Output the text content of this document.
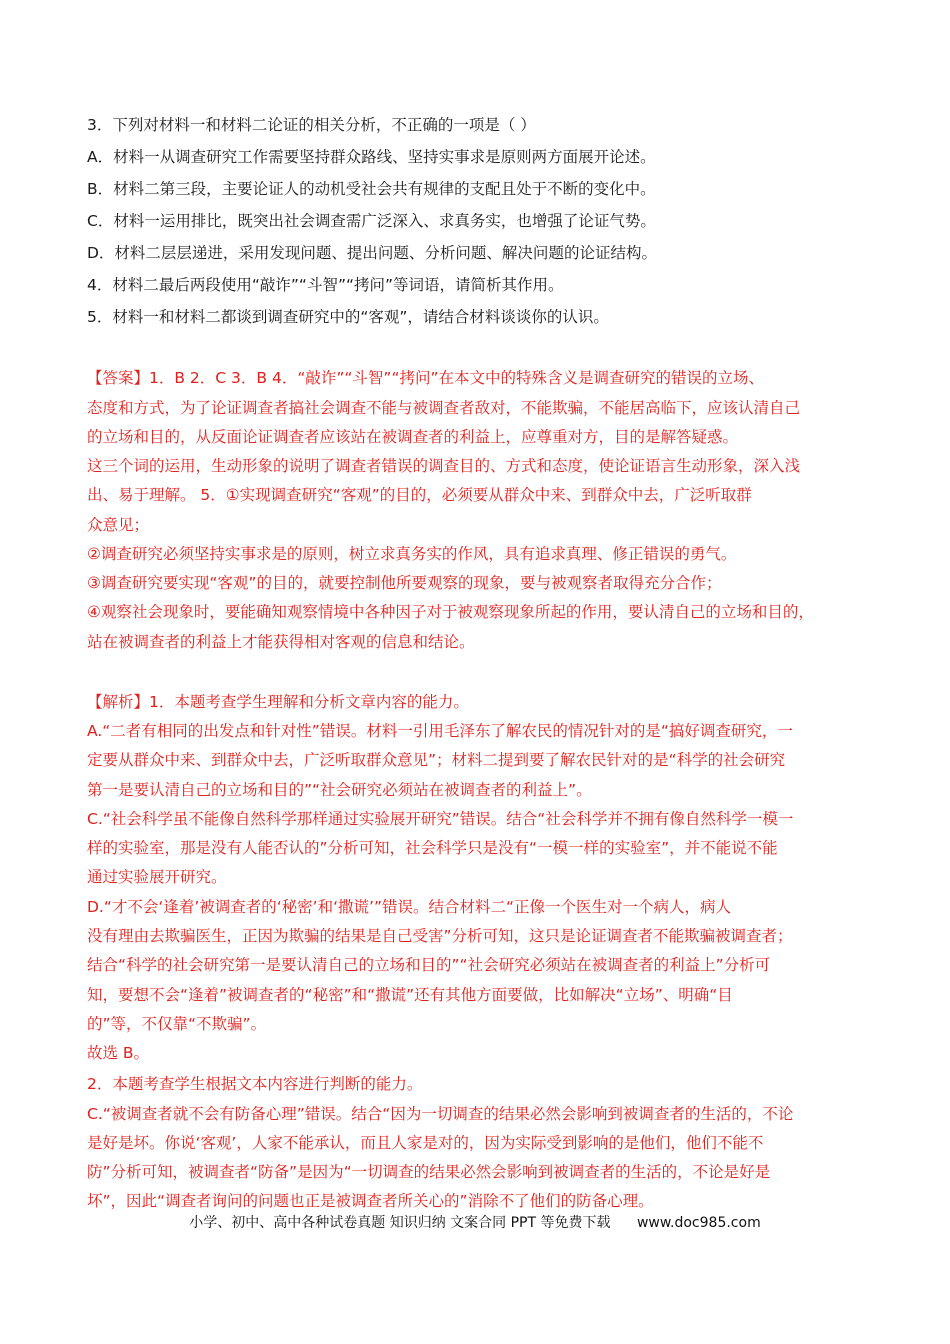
3．下列对材料一和材料二论证的相关分析，不正确的一项是（ ）
A．材料一从调查研究工作需要坚持群众路线、坚持实事求是原则两方面展开论述。
B．材料二第三段，主要论证人的动机受社会共有规律的支配且处于不断的变化中。
C．材料一运用排比，既突出社会调查需广泛深入、求真务实，也增强了论证气势。
D．材料二层层递进，采用发现问题、提出问题、分析问题、解决问题的论证结构。
4．材料二最后两段使用“敲诈”“斗智”“拷问”等词语，请简析其作用。
5．材料一和材料二都谈到调查研究中的“客观”，请结合材料谈谈你的认识。
【答案】1．B 2．C 3．B 4．“敲诈”“斗智”“拷问”在本文中的特殊含义是调查研究的错误的立场、
态度和方式，为了论证调查者搞社会调查不能与被调查者敌对，不能欺骗，不能居高临下，应该认清自己
的立场和目的，从反面论证调查者应该站在被调查者的利益上，应尊重对方，目的是解答疑惑。
这三个词的运用，生动形象的说明了调查者错误的调查目的、方式和态度，使论证语言生动形象，深入浅
出、易于理解。 5．①实现调查研究“客观”的目的，必须要从群众中来、到群众中去，广泛听取群
众意见；
②调查研究必须坚持实事求是的原则，树立求真务实的作风，具有追求真理、修正错误的勇气。
③调查研究要实现“客观”的目的，就要控制他所要观察的现象，要与被观察者取得充分合作；
④观察社会现象时，要能确知观察情境中各种因子对于被观察现象所起的作用，要认清自己的立场和目的，
站在被调查者的利益上才能获得相对客观的信息和结论。
【解析】1．本题考查学生理解和分析文章内容的能力。
A.“二者有相同的出发点和针对性”错误。材料一引用毛泽东了解农民的情况针对的是“搞好调查研究，一
定要从群众中来、到群众中去，广泛听取群众意见”；材料二提到要了解农民针对的是“科学的社会研究
第一是要认清自己的立场和目的”“社会研究必须站在被调查者的利益上”。
C.“社会科学虽不能像自然科学那样通过实验展开研究”错误。结合“社会科学并不拥有像自然科学一模一
样的实验室，那是没有人能否认的”分析可知，社会科学只是没有“一模一样的实验室”，并不能说不能
通过实验展开研究。
D.“才不会‘逢着’被调查者的‘秘密’和‘撒谎’”错误。结合材料二“正像一个医生对一个病人，病人
没有理由去欺骗医生，正因为欺骗的结果是自己受害”分析可知，这只是论证调查者不能欺骗被调查者；
结合“科学的社会研究第一是要认清自己的立场和目的”“社会研究必须站在被调查者的利益上”分析可
知，要想不会“逢着”被调查者的“秘密”和“撒谎”还有其他方面要做，比如解决“立场”、明确“目
的”等，不仅靠“不欺骗”。
故选 B。
2．本题考查学生根据文本内容进行判断的能力。
C.“被调查者就不会有防备心理”错误。结合“因为一切调查的结果必然会影响到被调查者的生活的，不论
是好是坏。你说‘客观’，人家不能承认，而且人家是对的，因为实际受到影响的是他们，他们不能不
防”分析可知，被调查者“防备”是因为“一切调查的结果必然会影响到被调查者的生活的，不论是好是
坏”，因此“调查者询问的问题也正是被调查者所关心的”消除不了他们的防备心理。
小学、初中、高中各种试卷真题 知识归纳 文案合同 PPT 等免费下载 www.doc985.com
